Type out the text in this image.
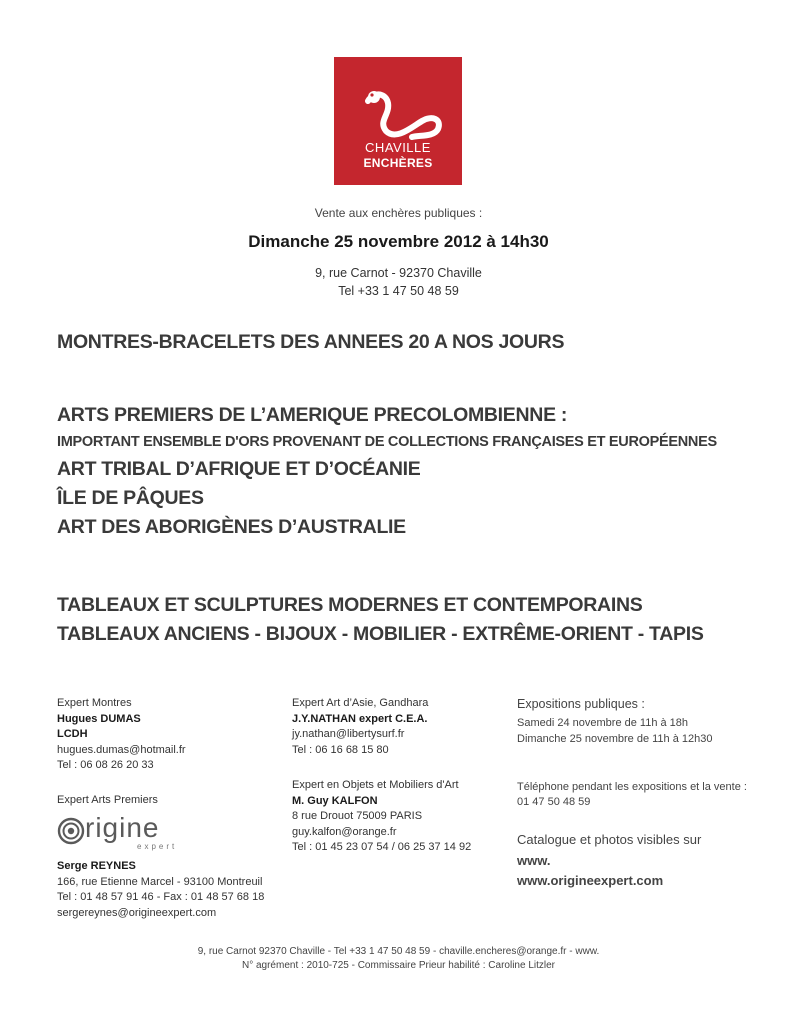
CHAVILLE
ENCHÈRES
Vente aux enchères publiques :
Dimanche 25 novembre 2012 à 14h30
9, rue Carnot - 92370 Chaville
Tel +33 1 47 50 48 59
MONTRES-BRACELETS DES ANNEES 20 A NOS JOURS
ARTS PREMIERS DE L’AMERIQUE PRECOLOMBIENNE :
IMPORTANT ENSEMBLE D'ORS PROVENANT DE COLLECTIONS FRANÇAISES ET EUROPÉENNES
ART TRIBAL D’AFRIQUE ET D’OCÉANIE
ÎLE DE PÂQUES
ART DES ABORIGÈNES D’AUSTRALIE
TABLEAUX ET SCULPTURES MODERNES ET CONTEMPORAINS
TABLEAUX ANCIENS - BIJOUX - MOBILIER - EXTRÊME-ORIENT - TAPIS
Expert Montres
Hugues DUMAS
LCDH
hugues.dumas@hotmail.fr
Tel : 06 08 26 20 33
Expert Arts Premiers
rigine
expert
Serge REYNES
166, rue Etienne Marcel - 93100 Montreuil
Tel : 01 48 57 91 46 - Fax : 01 48 57 68 18
sergereynes@origineexpert.com
Expert Art d’Asie, Gandhara
J.Y.NATHAN expert C.E.A.
jy.nathan@libertysurf.fr
Tel : 06 16 68 15 80
Expert en Objets et Mobiliers d'Art
M. Guy KALFON
8 rue Drouot 75009 PARIS
guy.kalfon@orange.fr
Tel : 01 45 23 07 54 / 06 25 37 14 92
Expositions publiques :
Samedi 24 novembre de 11h à 18h
Dimanche 25 novembre de 11h à 12h30
Téléphone pendant les expositions et la vente :
01 47 50 48 59
Catalogue et photos visibles sur
www.
www.origineexpert.com
9, rue Carnot 92370 Chaville - Tel +33 1 47 50 48 59 - chaville.encheres@orange.fr - www.
N° agrément : 2010-725 - Commissaire Prieur habilité : Caroline Litzler
